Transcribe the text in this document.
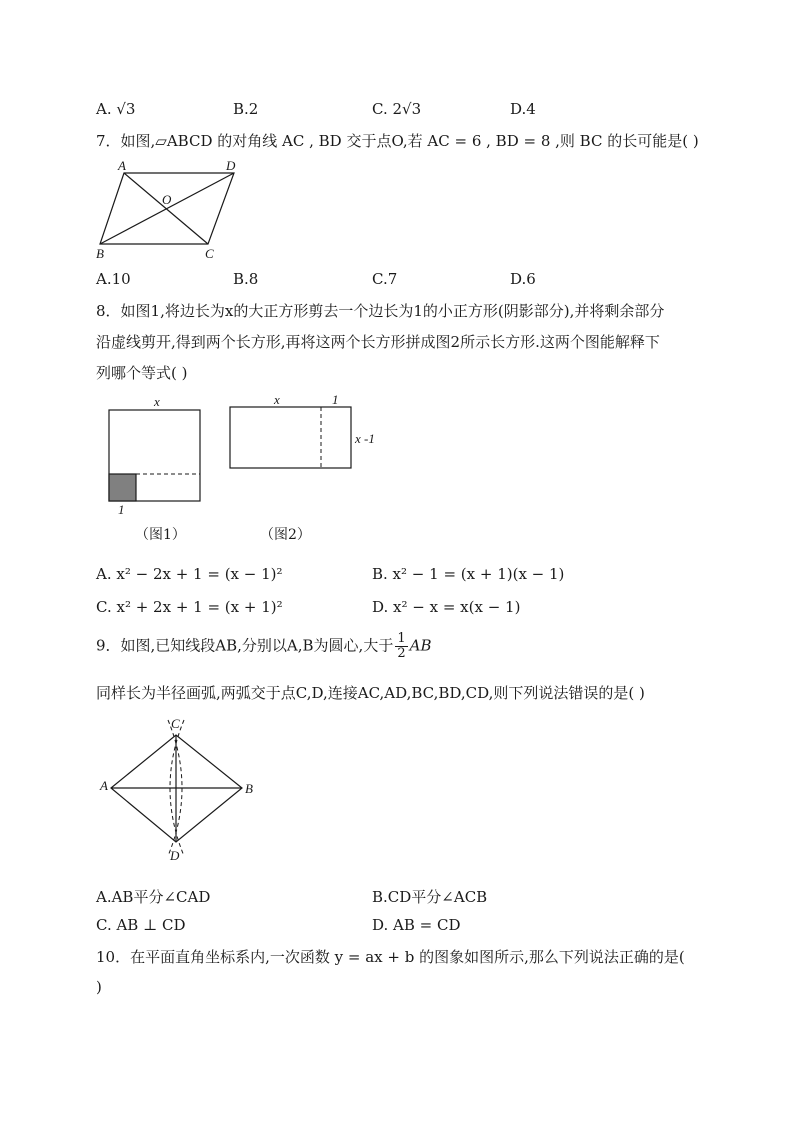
A. √3	B.2	C. 2√3	D.4
7．如图,▱ABCD 的对角线 AC , BD 交于点O,若 AC = 6 , BD = 8 ,则 BC 的长可能是( )
A	D
O
B	C
A.10	B.8	C.7	D.6
8．如图1,将边长为x的大正方形剪去一个边长为1的小正方形(阴影部分),并将剩余部分
沿虚线剪开,得到两个长方形,再将这两个长方形拼成图2所示长方形.这两个图能解释下
列哪个等式( )
x
1
（图1）
x	1
x -1
（图2）
A. x² − 2x + 1 = (x − 1)²	B. x² − 1 = (x + 1)(x − 1)
C. x² + 2x + 1 = (x + 1)²	D. x² − x = x(x − 1)
9．如图,已知线段AB,分别以A,B为圆心,大于 $\frac{1}{2}$ AB
同样长为半径画弧,两弧交于点C,D,连接AC,AD,BC,BD,CD,则下列说法错误的是( )
C
A	B
D
A.AB平分∠CAD	B.CD平分∠ACB
C. AB ⊥ CD	D. AB = CD
10．在平面直角坐标系内,一次函数 y = ax + b 的图象如图所示,那么下列说法正确的是(
)
